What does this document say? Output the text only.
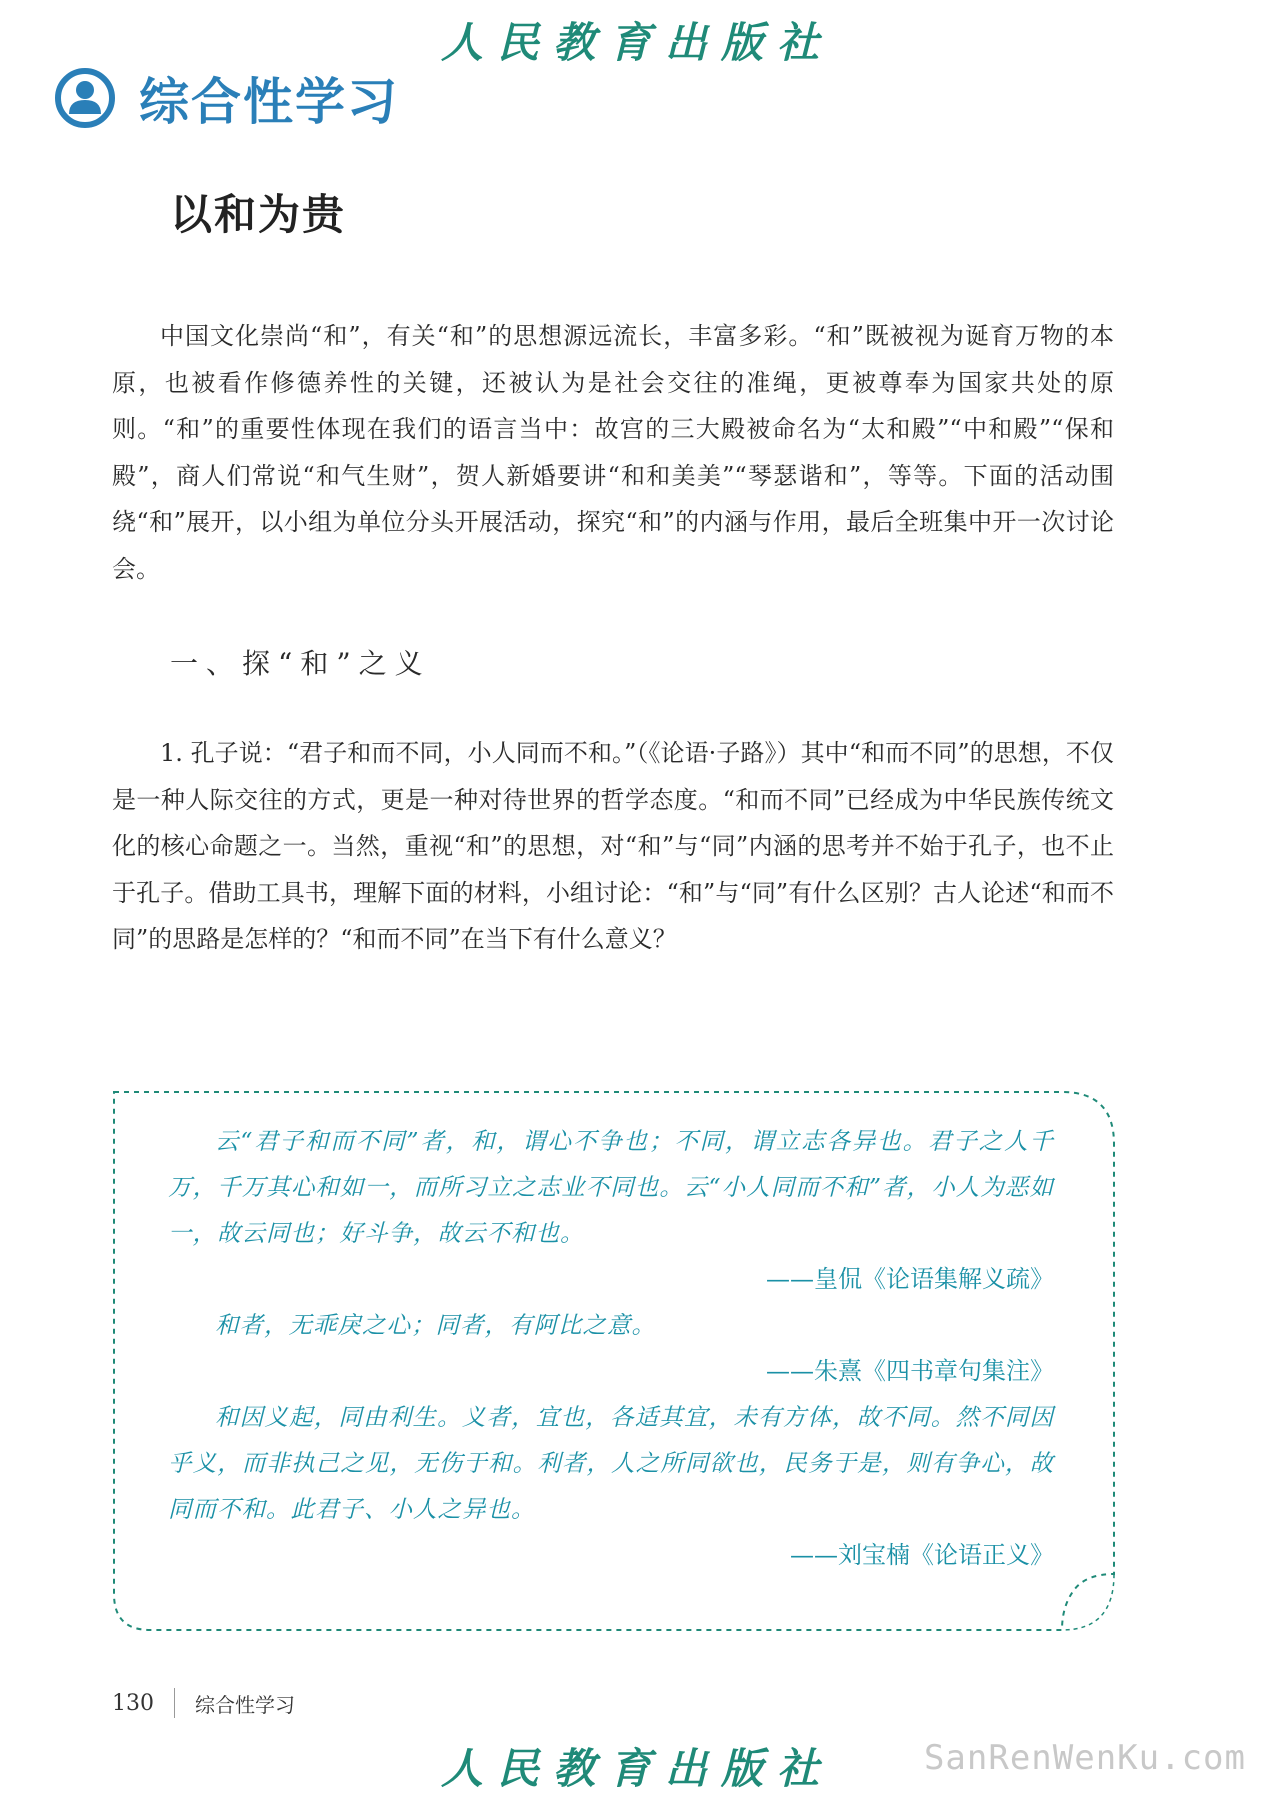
人民教育出版社
综合性学习
以和为贵

中国文化崇尚“和”，有关“和”的思想源远流长，丰富多彩。“和”既被视为诞育万物的本原，也被看作修德养性的关键，还被认为是社会交往的准绳，更被尊奉为国家共处的原则。“和”的重要性体现在我们的语言当中：故宫的三大殿被命名为“太和殿”“中和殿”“保和殿”，商人们常说“和气生财”，贺人新婚要讲“和和美美”“琴瑟谐和”，等等。下面的活动围绕“和”展开，以小组为单位分头开展活动，探究“和”的内涵与作用，最后全班集中开一次讨论会。

一、探“和”之义

1. 孔子说：“君子和而不同，小人同而不和。”（《论语·子路》）其中“和而不同”的思想，不仅是一种人际交往的方式，更是一种对待世界的哲学态度。“和而不同”已经成为中华民族传统文化的核心命题之一。当然，重视“和”的思想，对“和”与“同”内涵的思考并不始于孔子，也不止于孔子。借助工具书，理解下面的材料，小组讨论：“和”与“同”有什么区别？古人论述“和而不同”的思路是怎样的？“和而不同”在当下有什么意义？

云“君子和而不同”者，和，谓心不争也；不同，谓立志各异也。君子之人千万，千万其心和如一，而所习立之志业不同也。云“小人同而不和”者，小人为恶如一，故云同也；好斗争，故云不和也。

——皇侃《论语集解义疏》

和者，无乖戾之心；同者，有阿比之意。

——朱熹《四书章句集注》

和因义起，同由利生。义者，宜也，各适其宜，未有方体，故不同。然不同因乎义，而非执己之见，无伤于和。利者，人之所同欲也，民务于是，则有争心，故同而不和。此君子、小人之异也。

——刘宝楠《论语正义》

130 综合性学习
人民教育出版社	SanRenWenKu.com
